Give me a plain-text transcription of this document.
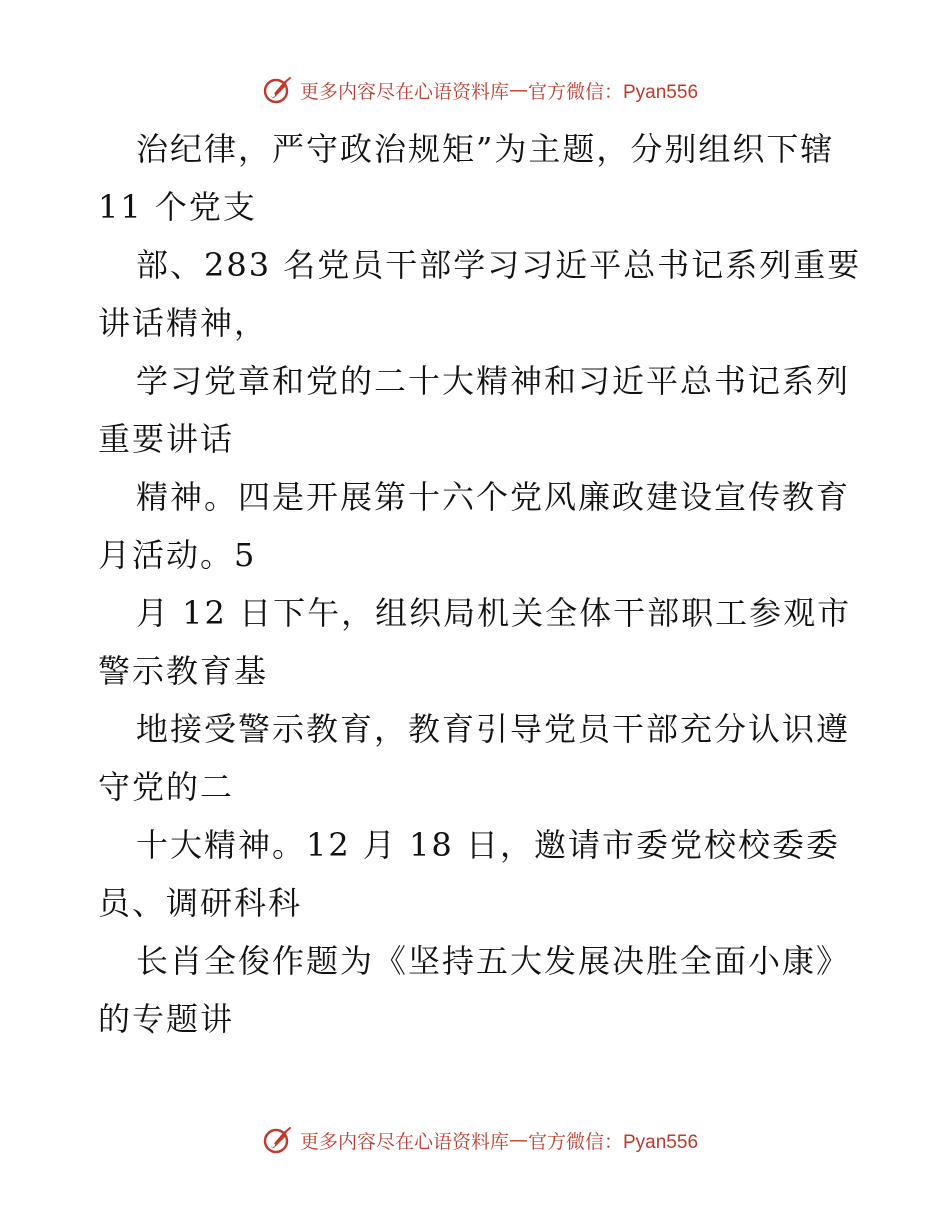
更多内容尽在心语资料库 — 官方微信：Pyan556
治纪律，严守政治规矩”为主题，分别组织下辖
11 个党支
部、283 名党员干部学习习近平总书记系列重要
讲话精神，
学习党章和党的二十大精神和习近平总书记系列
重要讲话
精神。四是开展第十六个党风廉政建设宣传教育
月活动。5
月 12 日下午，组织局机关全体干部职工参观市
警示教育基
地接受警示教育，教育引导党员干部充分认识遵
守党的二
十大精神。12 月 18 日，邀请市委党校校委委
员、调研科科
长肖全俊作题为《坚持五大发展决胜全面小康》
的专题讲
更多内容尽在心语资料库 — 官方微信：Pyan556
